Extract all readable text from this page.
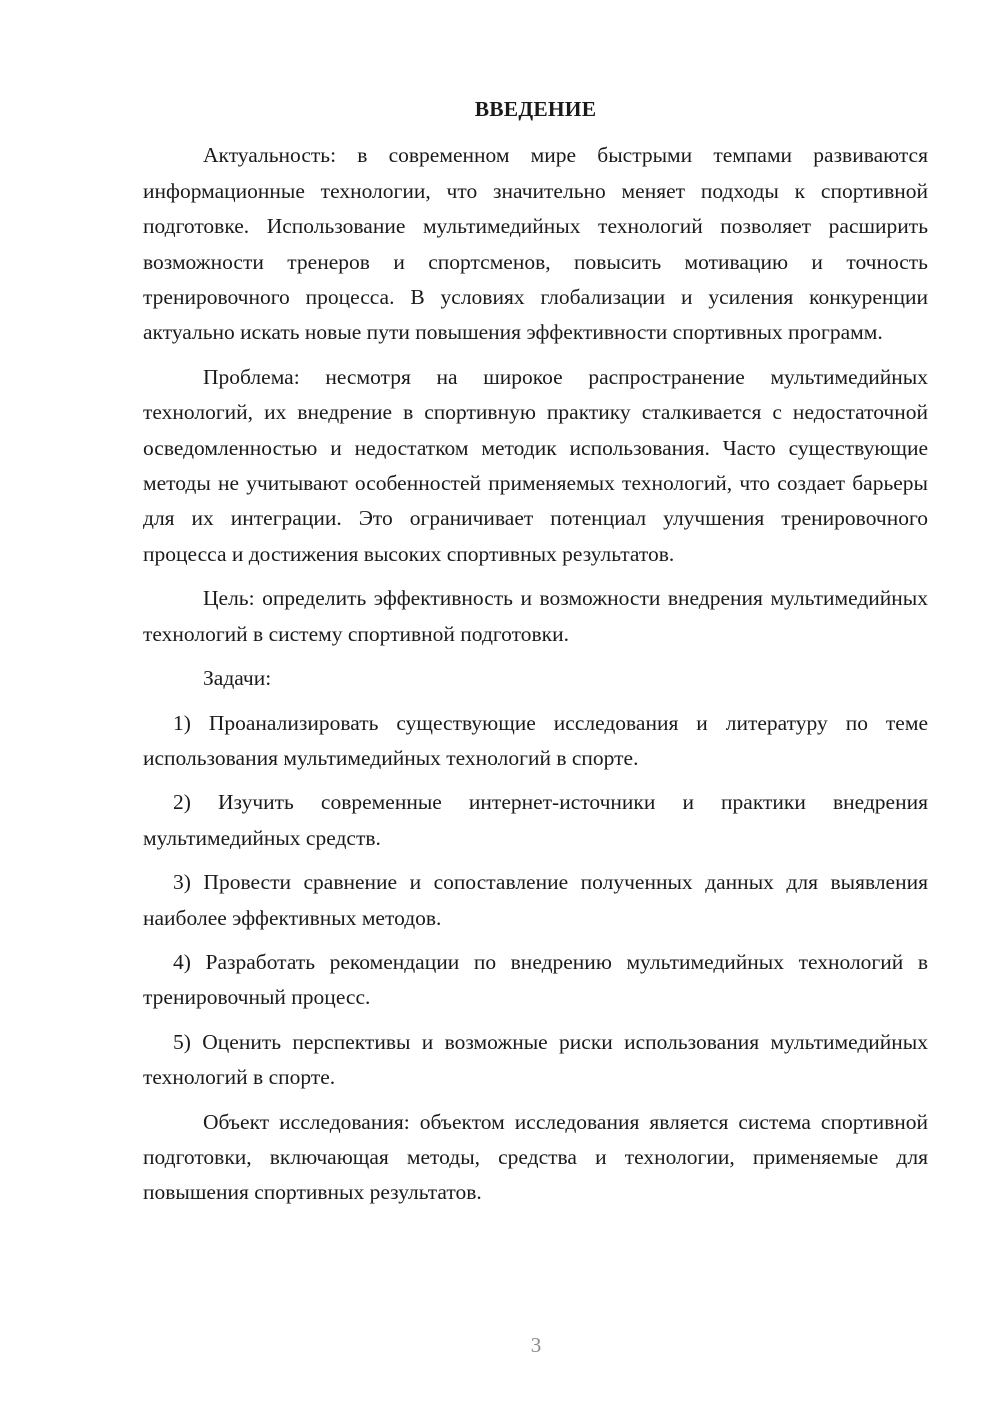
ВВЕДЕНИЕ

Актуальность: в современном мире быстрыми темпами развиваются информационные технологии, что значительно меняет подходы к спортивной подготовке. Использование мультимедийных технологий позволяет расширить возможности тренеров и спортсменов, повысить мотивацию и точность тренировочного процесса. В условиях глобализации и усиления конкуренции актуально искать новые пути повышения эффективности спортивных программ.

Проблема: несмотря на широкое распространение мультимедийных технологий, их внедрение в спортивную практику сталкивается с недостаточной осведомленностью и недостатком методик использования. Часто существующие методы не учитывают особенностей применяемых технологий, что создает барьеры для их интеграции. Это ограничивает потенциал улучшения тренировочного процесса и достижения высоких спортивных результатов.

Цель: определить эффективность и возможности внедрения мультимедийных технологий в систему спортивной подготовки.

Задачи:

1) Проанализировать существующие исследования и литературу по теме использования мультимедийных технологий в спорте.

2) Изучить современные интернет-источники и практики внедрения мультимедийных средств.

3) Провести сравнение и сопоставление полученных данных для выявления наиболее эффективных методов.

4) Разработать рекомендации по внедрению мультимедийных технологий в тренировочный процесс.

5) Оценить перспективы и возможные риски использования мультимедийных технологий в спорте.

Объект исследования: объектом исследования является система спортивной подготовки, включающая методы, средства и технологии, применяемые для повышения спортивных результатов.

3
